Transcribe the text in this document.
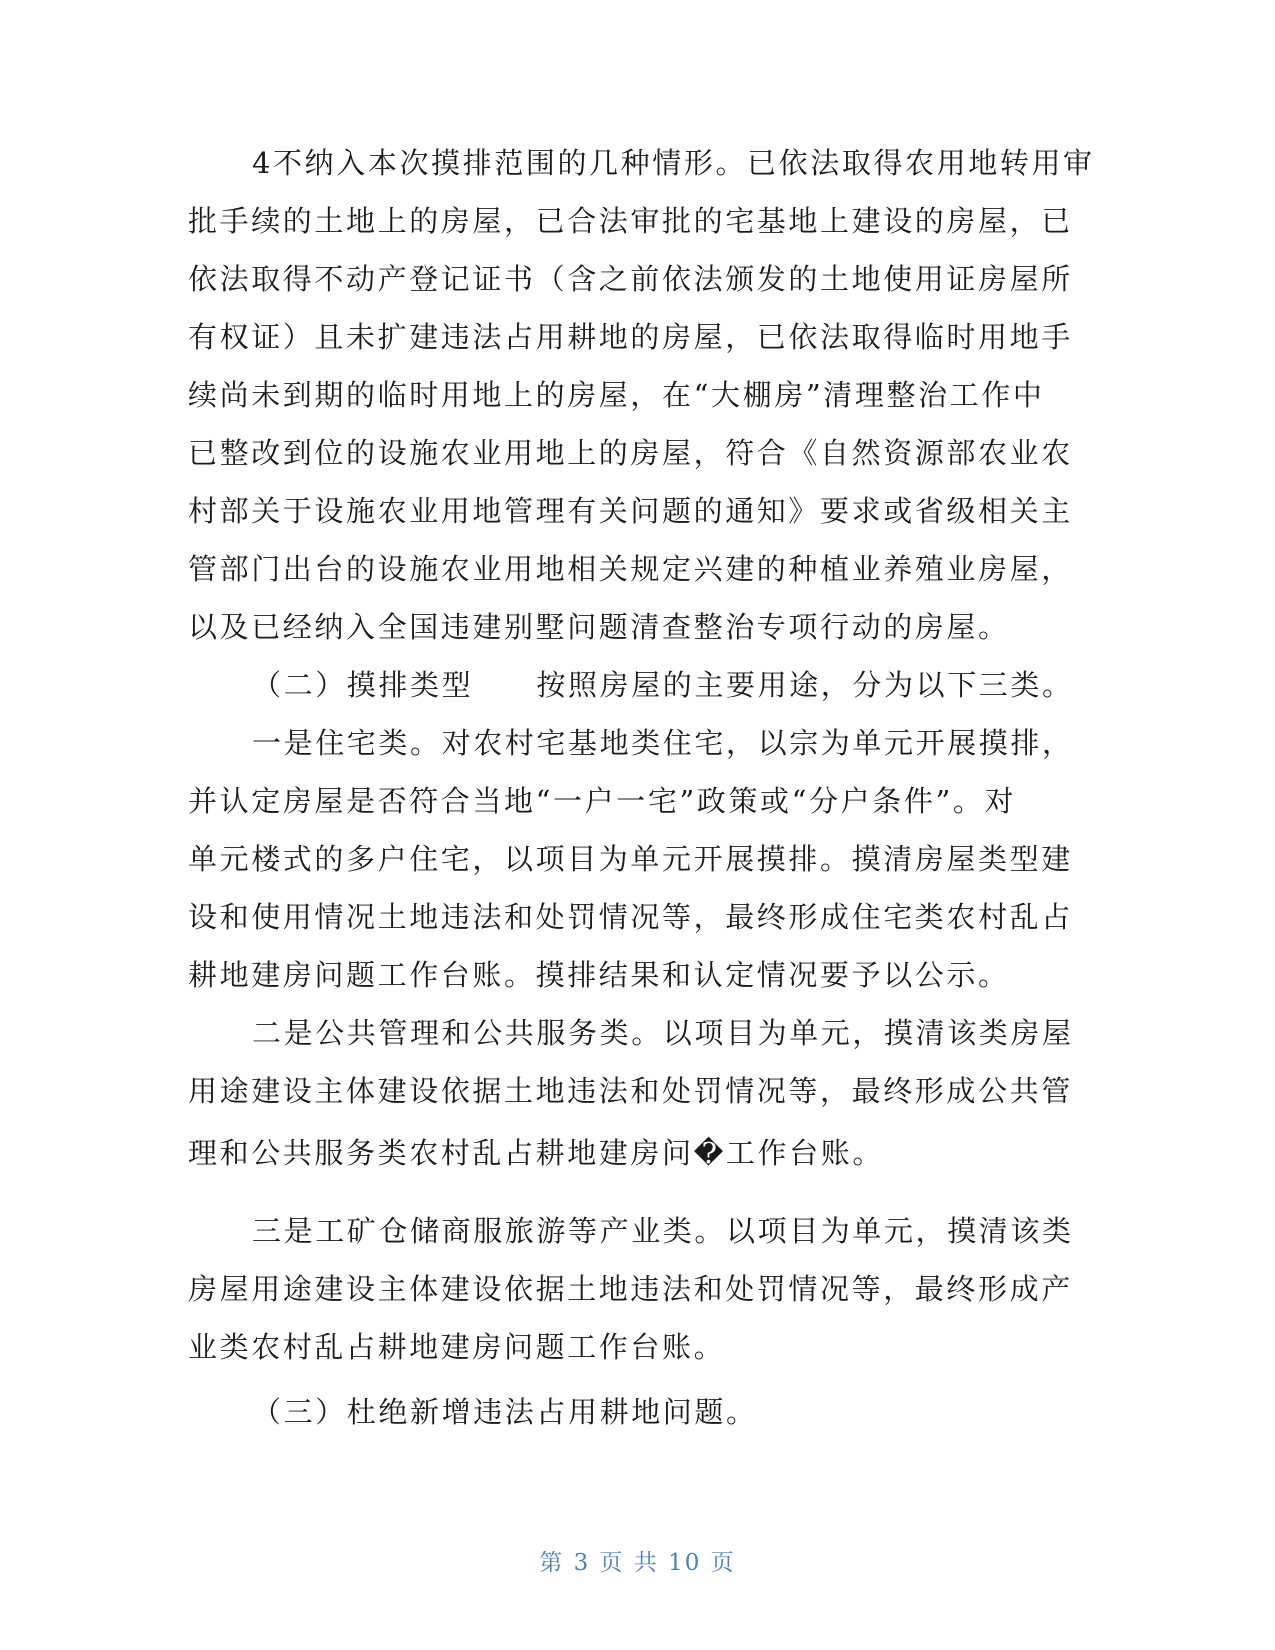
4不纳入本次摸排范围的几种情形。已依法取得农用地转用审
批手续的土地上的房屋，已合法审批的宅基地上建设的房屋，已
依法取得不动产登记证书（含之前依法颁发的土地使用证房屋所
有权证）且未扩建违法占用耕地的房屋，已依法取得临时用地手
续尚未到期的临时用地上的房屋，在“大棚房”清理整治工作中
已整改到位的设施农业用地上的房屋，符合《自然资源部农业农
村部关于设施农业用地管理有关问题的通知》要求或省级相关主
管部门出台的设施农业用地相关规定兴建的种植业养殖业房屋，
以及已经纳入全国违建别墅问题清查整治专项行动的房屋。
（二）摸排类型　　按照房屋的主要用途，分为以下三类。
一是住宅类。对农村宅基地类住宅，以宗为单元开展摸排，
并认定房屋是否符合当地“一户一宅”政策或“分户条件”。对
单元楼式的多户住宅，以项目为单元开展摸排。摸清房屋类型建
设和使用情况土地违法和处罚情况等，最终形成住宅类农村乱占
耕地建房问题工作台账。摸排结果和认定情况要予以公示。
二是公共管理和公共服务类。以项目为单元，摸清该类房屋
用途建设主体建设依据土地违法和处罚情况等，最终形成公共管
理和公共服务类农村乱占耕地建房问�工作台账。
三是工矿仓储商服旅游等产业类。以项目为单元，摸清该类
房屋用途建设主体建设依据土地违法和处罚情况等，最终形成产
业类农村乱占耕地建房问题工作台账。
（三）杜绝新增违法占用耕地问题。
第 3 页 共 10 页
